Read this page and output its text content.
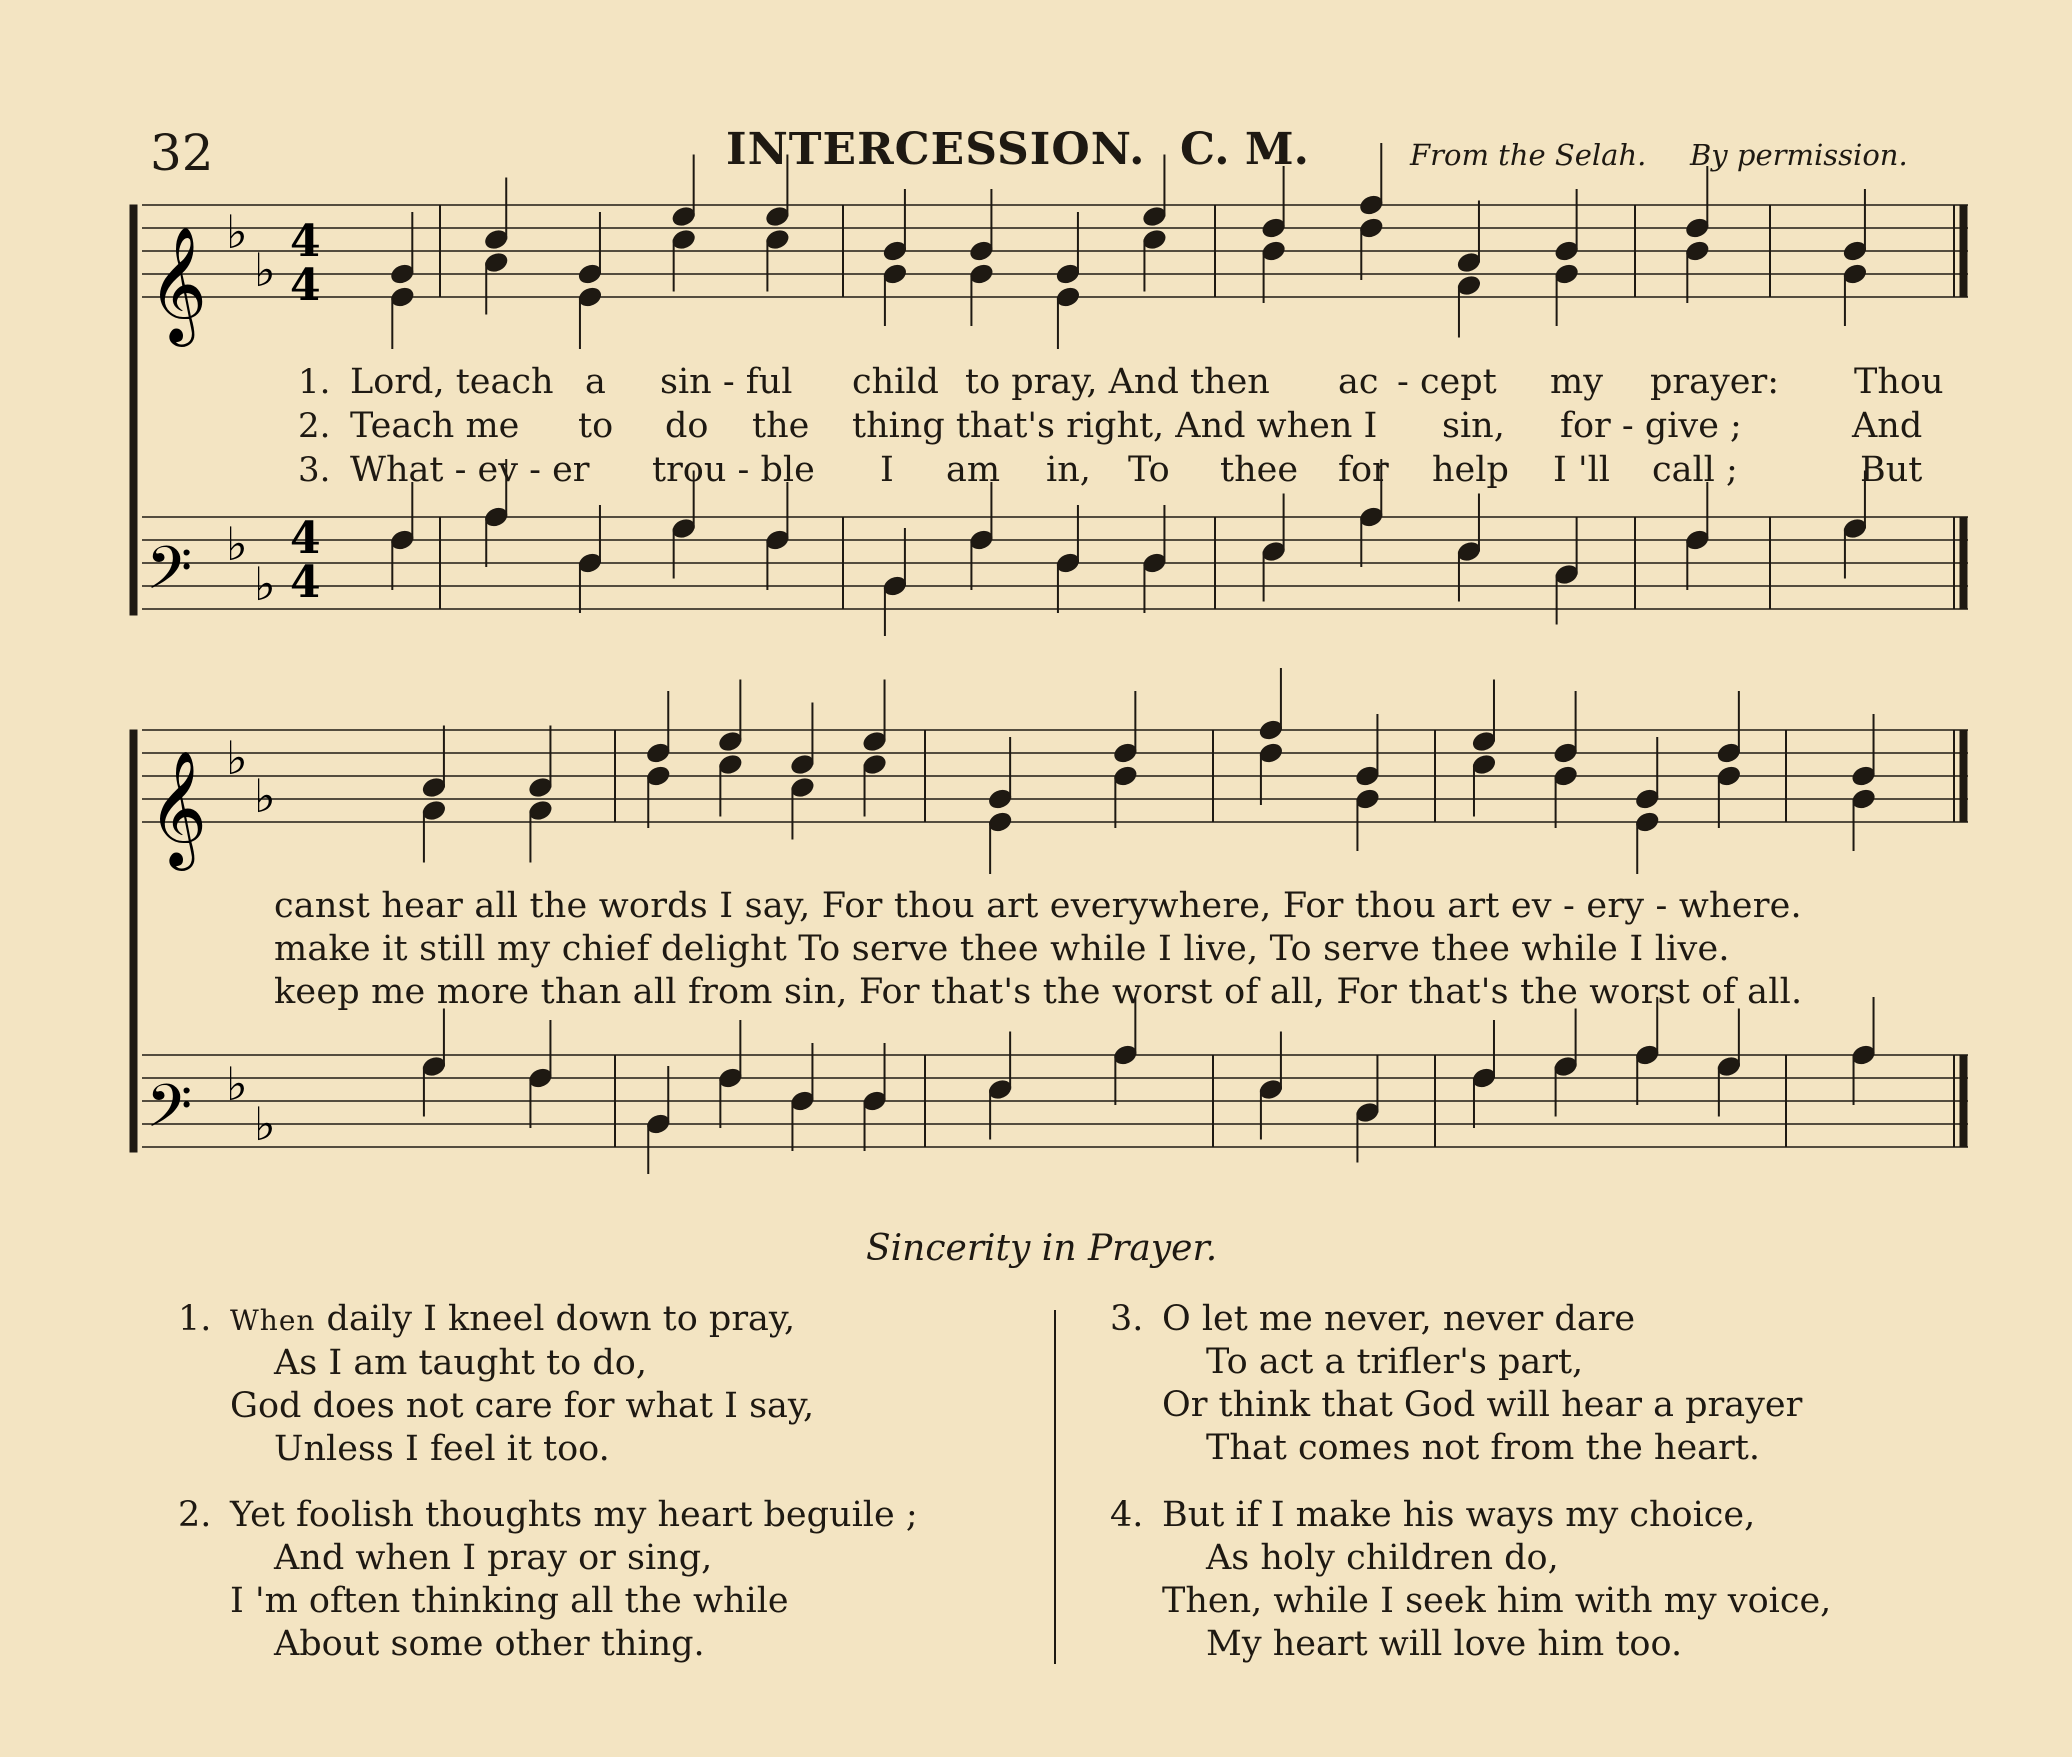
32	INTERCESSION. C. M.	From the Selah. By permission.
𝄞
𝄢
𝄞
𝄢
4
4
4
4
♭
♭
♭
♭
♭
♭
♭
♭
1.
2.
3.
Lord, teach a sin - ful child to pray, And then ac - cept my prayer: Thou
Teach me to do the thing that's right, And when I sin, for - give ;	And
What - ev - er trou - ble I am in, To thee for help I 'll call ;	But
canst hear all the words I say, For thou art everywhere, For thou art ev - ery - where.
make it still my chief delight To serve thee while I live, To serve thee while I live.
keep me more than all from sin, For that's the worst of all, For that's the worst of all.
Sincerity in Prayer.
1. When daily I kneel down to pray,
As I am taught to do,
God does not care for what I say,
Unless I feel it too.
2. Yet foolish thoughts my heart beguile ;
And when I pray or sing,
I 'm often thinking all the while
About some other thing.
3. O let me never, never dare
To act a trifler's part,
Or think that God will hear a prayer
That comes not from the heart.
4. But if I make his ways my choice,
As holy children do,
Then, while I seek him with my voice,
My heart will love him too.
